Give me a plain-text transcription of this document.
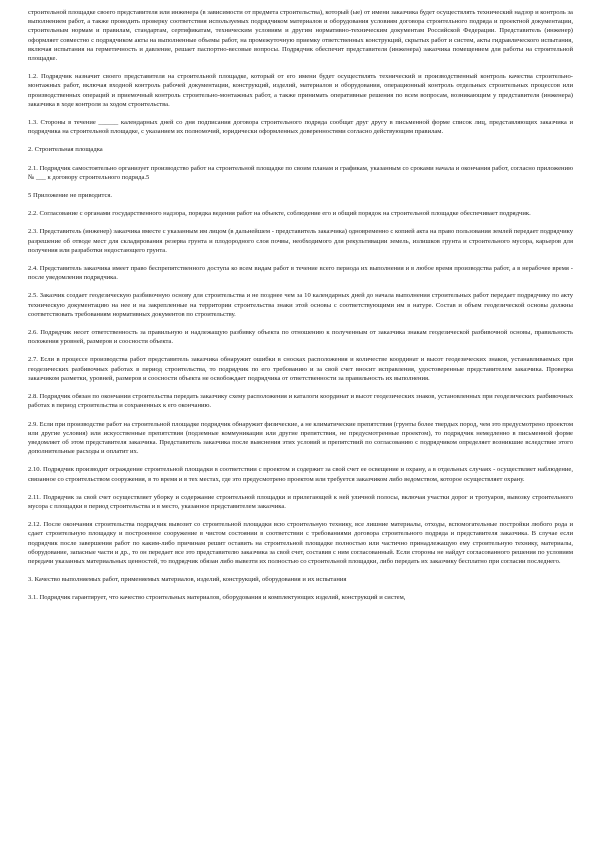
строительной площадке своего представителя или инженера (в зависимости от предмета строительства), который (ые) от имени заказчика будет осуществлять технический надзор и контроль за выполнением работ, а также проводить проверку соответствия используемых подрядчиком материалов и оборудования условиям договора строительного подряда и проектной документации, строительным нормам и правилам, стандартам, сертификатам, техническим условиям и другим нормативно-техническим документам Российской Федерации. Представитель (инженер) оформляет совместно с подрядчиком акты на выполненные объемы работ, на промежуточную приемку ответственных конструкций, скрытых работ и систем, акты гидравлического испытания, включая испытания на герметичность и давление, решает паспортно-весовые вопросы. Подрядчик обеспечит представителя (инженера) заказчика помещением для работы на строительной площадке.

1.2. Подрядчик назначит своего представителя на строительной площадке, который от его имени будет осуществлять технический и производственный контроль качества строительно-монтажных работ, включая входной контроль рабочей документации, конструкций, изделий, материалов и оборудования, операционный контроль отдельных строительных процессов или производственных операций и приемочный контроль строительно-монтажных работ, а также принимать оперативные решения по всем вопросам, возникающим у представителя (инженера) заказчика в ходе контроля за ходом строительства.

1.3. Стороны в течение ______ календарных дней со дня подписания договора строительного подряда сообщат друг другу в письменной форме список лиц, представляющих заказчика и подрядчика на строительной площадке, с указанием их полномочий, юридически оформленных доверенностями согласно действующим правилам.

2. Строительная площадка

2.1. Подрядчик самостоятельно организует производство работ на строительной площадке по своим планам и графикам, указанным со сроками начала и окончания работ, согласно приложению № ___ к договору строительного подряда.5

5 Приложение не приводится.

2.2. Согласование с органами государственного надзора, порядка ведения работ на объекте, соблюдение его и общий порядок на строительной площадке обеспечивает подрядчик.

2.3. Представитель (инженер) заказчика вместе с указанным им лицом (в дальнейшем - представитель заказчика) одновременно с копией акта на право пользования землей передает подрядчику разрешение об отводе мест для складирования резерва грунта и плодородного слоя почвы, необходимого для рекультивации земель, излишков грунта и строительного мусора, карьеров для получения или разработки недостающего грунта.

2.4. Представитель заказчика имеет право беспрепятственного доступа ко всем видам работ в течение всего периода их выполнения и в любое время производства работ, а в нерабочее время - после уведомления подрядчика.

2.5. Заказчик создает геодезическую разбивочную основу для строительства и не позднее чем за 10 календарных дней до начала выполнения строительных работ передает подрядчику по акту техническую документацию на нее и на закрепленные на территории строительства знаки этой основы с соответствующими им в натуре. Состав и объем геодезической основы должны соответствовать требованиям нормативных документов по строительству.

2.6. Подрядчик несет ответственность за правильную и надлежащую разбивку объекта по отношению к полученным от заказчика знакам геодезической разбивочной основы, правильность положения уровней, размеров и соосности объекта.

2.7. Если в процессе производства работ представитель заказчика обнаружит ошибки в сносках расположения и количестве координат и высот геодезических знаков, устанавливаемых при геодезических разбивочных работах в период строительства, то подрядчик по его требованию и за свой счет вносит исправления, удостоверенные представителем заказчика. Проверка заказчиком разметки, уровней, размеров и соосности объекта не освобождает подрядчика от ответственности за правильность их выполнения.

2.8. Подрядчик обязан по окончании строительства передать заказчику схему расположения и каталоги координат и высот геодезических знаков, установленных при геодезических разбивочных работах в период строительства и сохраненных к его окончанию.

2.9. Если при производстве работ на строительной площадке подрядчик обнаружит физические, а не климатические препятствия (грунты более твердых пород, чем это предусмотрено проектом или другие условия) или искусственные препятствия (подземные коммуникации или другие препятствия, не предусмотренные проектом), то подрядчик немедленно в письменной форме уведомляет об этом представителя заказчика. Представитель заказчика после выяснения этих условий и препятствий по согласованию с подрядчиком определяет возникшие вследствие этого дополнительные расходы и оплатит их.

2.10. Подрядчик производит ограждение строительной площадки в соответствии с проектом и содержит за свой счет ее освещение и охрану, а в отдельных случаях - осуществляет наблюдение, связанное со строительством сооружения, в то время и в тех местах, где это предусмотрено проектом или требуется заказчиком либо ведомством, которое осуществляет охрану.

2.11. Подрядчик за свой счет осуществляет уборку и содержание строительной площадки и прилегающей к ней уличной полосы, включая участки дорог и тротуаров, вывозку строительного мусора с площадки в период строительства и в место, указанное представителем заказчика.

2.12. После окончания строительства подрядчик вывозит со строительной площадки всю строительную технику, все лишние материалы, отходы, вспомогательные постройки любого рода и сдает строительную площадку и построенное сооружение в чистом состоянии в соответствии с требованиями договора строительного подряда и представителя заказчика. В случае если подрядчик после завершения работ по каким-либо причинам решит оставить на строительной площадке полностью или частично принадлежащую ему строительную технику, материалы, оборудование, запасные части и др., то он передает все это представителю заказчика за свой счет, составив с ним согласованный. Если стороны не найдут согласованного решения по условиям передачи указанных материальных ценностей, то подрядчик обязан либо вывезти их полностью со строительной площадки, либо передать их заказчику бесплатно при согласии последнего.

3. Качество выполняемых работ, применяемых материалов, изделий, конструкций, оборудования и их испытания

3.1. Подрядчик гарантирует, что качество строительных материалов, оборудования и комплектующих изделий, конструкций и систем,
